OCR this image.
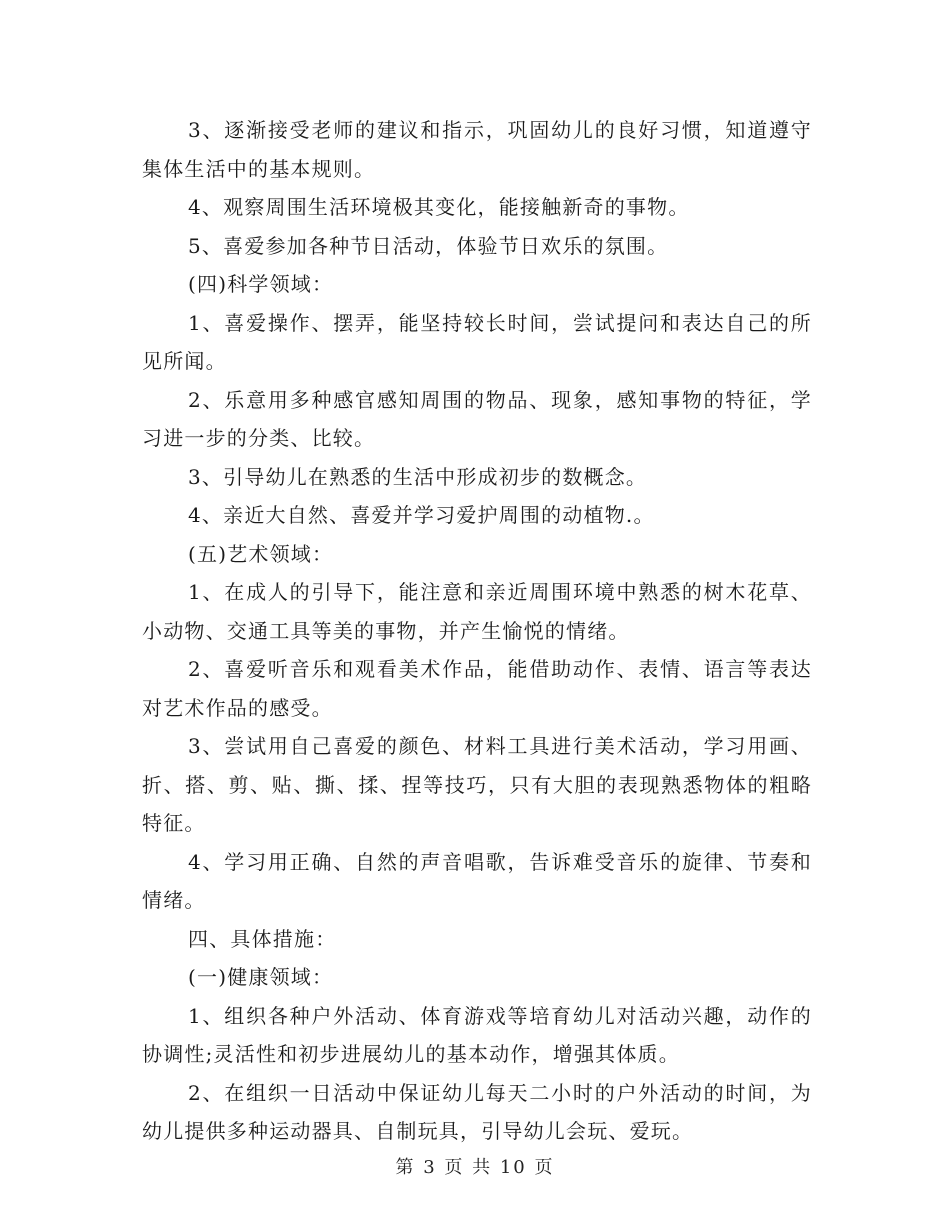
3、逐渐接受老师的建议和指示，巩固幼儿的良好习惯，知道遵守集体生活中的基本规则。

4、观察周围生活环境极其变化，能接触新奇的事物。

5、喜爱参加各种节日活动，体验节日欢乐的氛围。

(四)科学领域：

1、喜爱操作、摆弄，能坚持较长时间，尝试提问和表达自己的所见所闻。

2、乐意用多种感官感知周围的物品、现象，感知事物的特征，学习进一步的分类、比较。

3、引导幼儿在熟悉的生活中形成初步的数概念。

4、亲近大自然、喜爱并学习爱护周围的动植物.。

(五)艺术领域：

1、在成人的引导下，能注意和亲近周围环境中熟悉的树木花草、小动物、交通工具等美的事物，并产生愉悦的情绪。

2、喜爱听音乐和观看美术作品，能借助动作、表情、语言等表达对艺术作品的感受。

3、尝试用自己喜爱的颜色、材料工具进行美术活动，学习用画、折、搭、剪、贴、撕、揉、捏等技巧，只有大胆的表现熟悉物体的粗略特征。

4、学习用正确、自然的声音唱歌，告诉难受音乐的旋律、节奏和情绪。

四、具体措施：

(一)健康领域：

1、组织各种户外活动、体育游戏等培育幼儿对活动兴趣，动作的协调性;灵活性和初步进展幼儿的基本动作，增强其体质。

2、在组织一日活动中保证幼儿每天二小时的户外活动的时间，为幼儿提供多种运动器具、自制玩具，引导幼儿会玩、爱玩。

第 3 页 共 10 页
